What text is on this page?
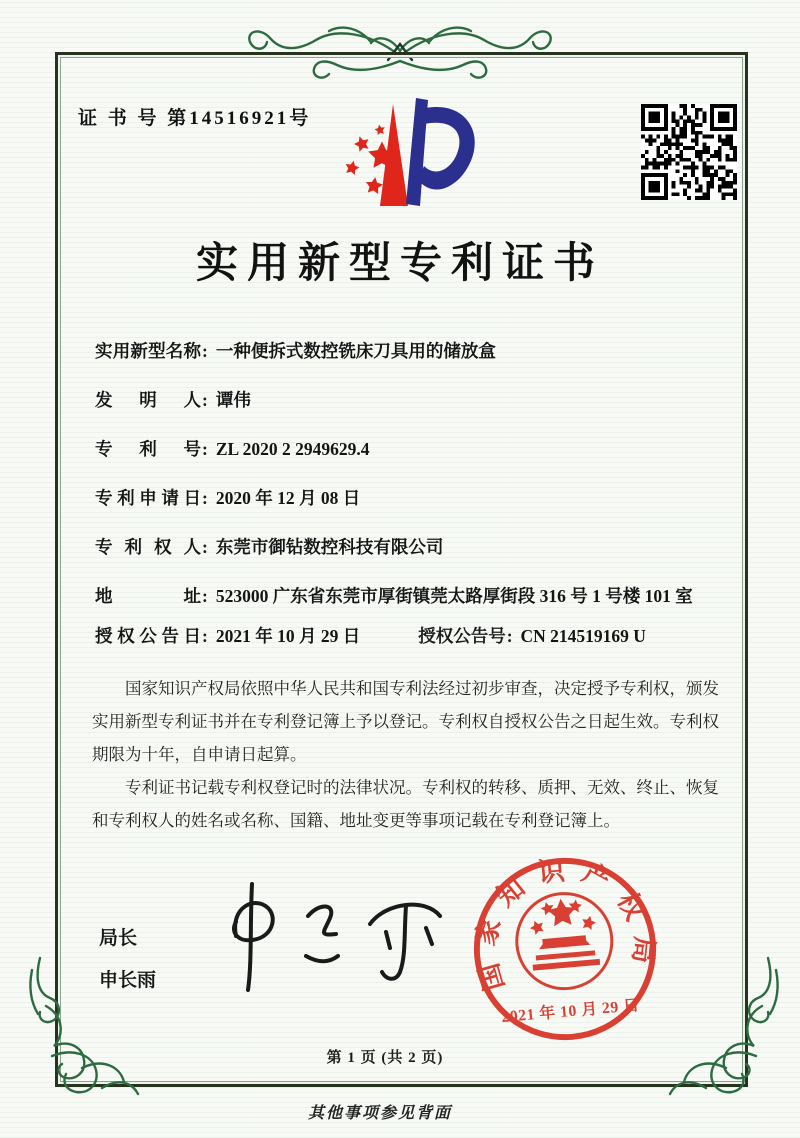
证 书 号 第14516921号
实用新型专利证书
实用新型名称 : 一种便拆式数控铣床刀具用的储放盒
发明人 : 谭伟
专利号 : ZL 2020 2 2949629.4
专利申请日 : 2020 年 12 月 08 日
专利权人 : 东莞市御钻数控科技有限公司
地址 : 523000 广东省东莞市厚街镇莞太路厚街段 316 号 1 号楼 101 室
授权公告日 : 2021 年 10 月 29 日	授权公告号 : CN 214519169 U

国家知识产权局依照中华人民共和国专利法经过初步审查，决定授予专利权，颁发实用新型专利证书并在专利登记簿上予以登记。专利权自授权公告之日起生效。专利权期限为十年，自申请日起算。

专利证书记载专利权登记时的法律状况。专利权的转移、质押、无效、终止、恢复和专利权人的姓名或名称、国籍、地址变更等事项记载在专利登记簿上。

局长
申长雨	国家知识产权局
2021 年 10 月 29 日
第 1 页 (共 2 页)
其他事项参见背面
